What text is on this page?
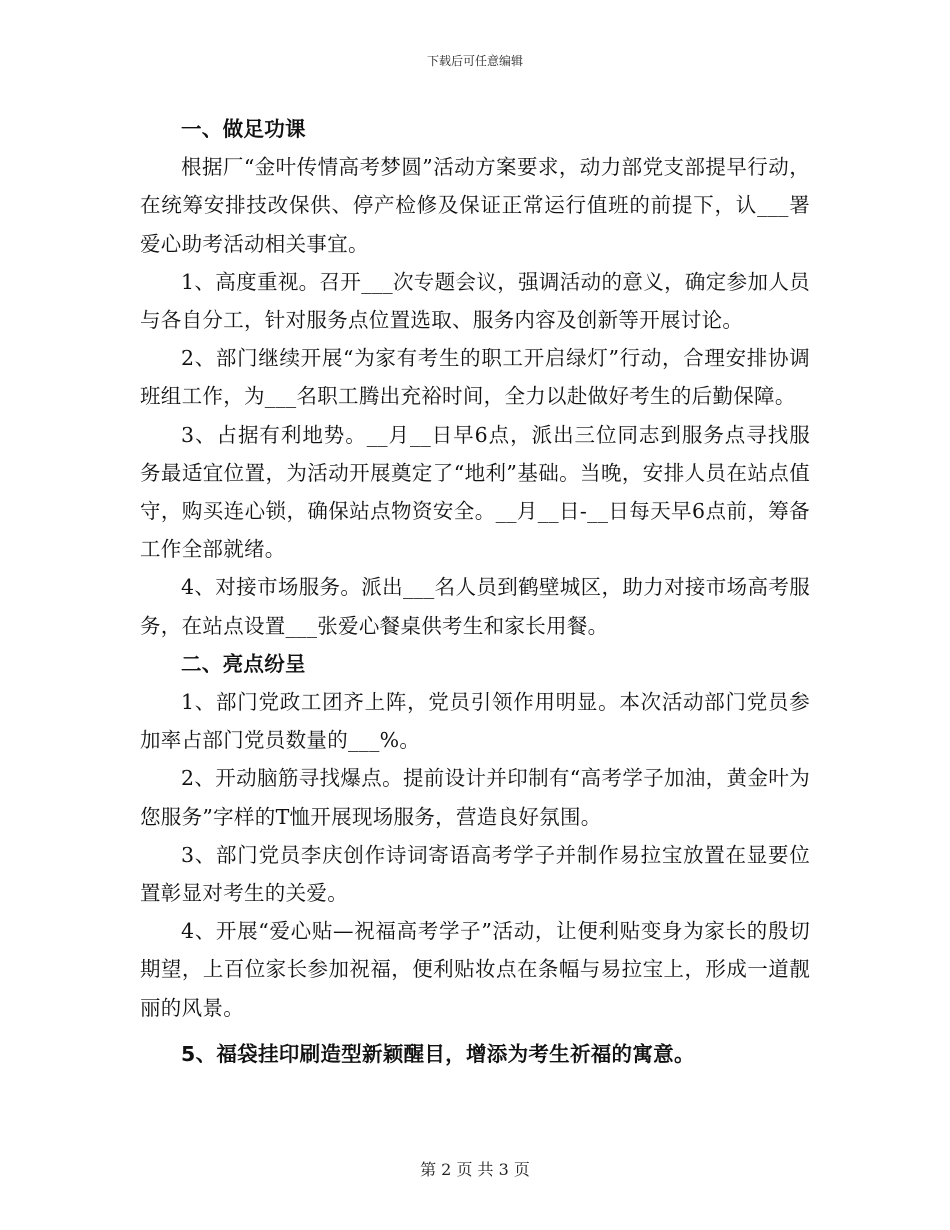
下载后可任意编辑

一、做足功课

根据厂“金叶传情高考梦圆”活动方案要求，动力部党支部提早行动，在统筹安排技改保供、停产检修及保证正常运行值班的前提下，认___署爱心助考活动相关事宜。

1、高度重视。召开___次专题会议，强调活动的意义，确定参加人员与各自分工，针对服务点位置选取、服务内容及创新等开展讨论。

2、部门继续开展“为家有考生的职工开启绿灯”行动，合理安排协调班组工作，为___名职工腾出充裕时间，全力以赴做好考生的后勤保障。

3、占据有利地势。__月__日早6点，派出三位同志到服务点寻找服务最适宜位置，为活动开展奠定了“地利”基础。当晚，安排人员在站点值守，购买连心锁，确保站点物资安全。__月__日-__日每天早6点前，筹备工作全部就绪。

4、对接市场服务。派出___名人员到鹤壁城区，助力对接市场高考服务，在站点设置___张爱心餐桌供考生和家长用餐。

二、亮点纷呈

1、部门党政工团齐上阵，党员引领作用明显。本次活动部门党员参加率占部门党员数量的___%。

2、开动脑筋寻找爆点。提前设计并印制有“高考学子加油，黄金叶为您服务”字样的T恤开展现场服务，营造良好氛围。

3、部门党员李庆创作诗词寄语高考学子并制作易拉宝放置在显要位置彰显对考生的关爱。

4、开展“爱心贴—祝福高考学子”活动，让便利贴变身为家长的殷切期望，上百位家长参加祝福，便利贴妆点在条幅与易拉宝上，形成一道靓丽的风景。

5、福袋挂印刷造型新颖醒目，增添为考生祈福的寓意。

第 2 页 共 3 页
